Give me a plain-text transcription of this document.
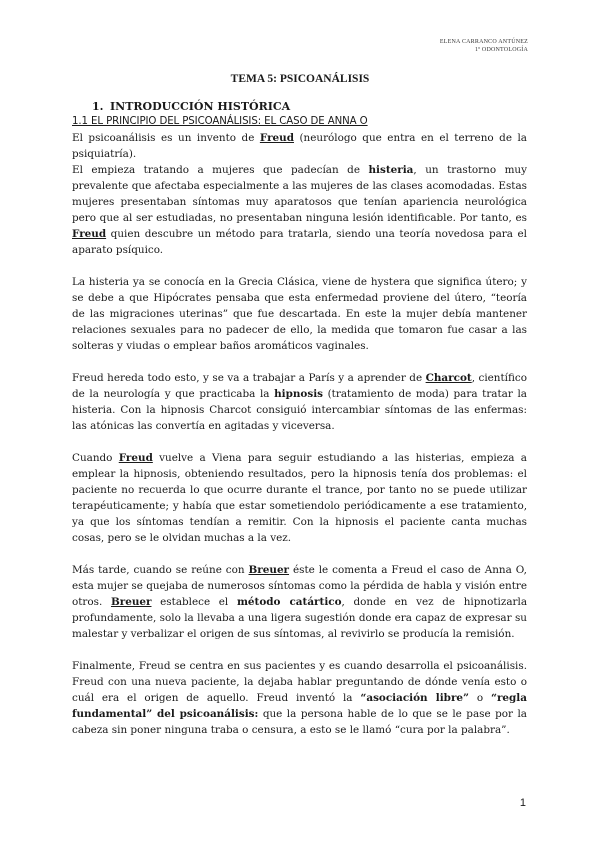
ELENA CARRANCO ANTÚNEZ
1º ODONTOLOGÍA
TEMA 5: PSICOANÁLISIS
1. INTRODUCCIÓN HISTÓRICA
1.1 EL PRINCIPIO DEL PSICOANÁLISIS: EL CASO DE ANNA O

El psicoanálisis es un invento de Freud (neurólogo que entra en el terreno de la psiquiatría).

El empieza tratando a mujeres que padecían de histeria, un trastorno muy prevalente que afectaba especialmente a las mujeres de las clases acomodadas. Estas mujeres presentaban síntomas muy aparatosos que tenían apariencia neurológica pero que al ser estudiadas, no presentaban ninguna lesión identificable. Por tanto, es Freud quien descubre un método para tratarla, siendo una teoría novedosa para el aparato psíquico.

La histeria ya se conocía en la Grecia Clásica, viene de hystera que significa útero; y se debe a que Hipócrates pensaba que esta enfermedad proviene del útero, “teoría de las migraciones uterinas” que fue descartada. En este la mujer debía mantener relaciones sexuales para no padecer de ello, la medida que tomaron fue casar a las solteras y viudas o emplear baños aromáticos vaginales.

Freud hereda todo esto, y se va a trabajar a París y a aprender de Charcot, científico de la neurología y que practicaba la hipnosis (tratamiento de moda) para tratar la histeria. Con la hipnosis Charcot consiguió intercambiar síntomas de las enfermas: las atónicas las convertía en agitadas y viceversa.

Cuando Freud vuelve a Viena para seguir estudiando a las histerias, empieza a emplear la hipnosis, obteniendo resultados, pero la hipnosis tenía dos problemas: el paciente no recuerda lo que ocurre durante el trance, por tanto no se puede utilizar terapéuticamente; y había que estar sometiendolo periódicamente a ese tratamiento, ya que los síntomas tendían a remitir. Con la hipnosis el paciente canta muchas cosas, pero se le olvidan muchas a la vez.

Más tarde, cuando se reúne con Breuer éste le comenta a Freud el caso de Anna O, esta mujer se quejaba de numerosos síntomas como la pérdida de habla y visión entre otros. Breuer establece el método catártico, donde en vez de hipnotizarla profundamente, solo la llevaba a una ligera sugestión donde era capaz de expresar su malestar y verbalizar el origen de sus síntomas, al revivirlo se producía la remisión.

Finalmente, Freud se centra en sus pacientes y es cuando desarrolla el psicoanálisis. Freud con una nueva paciente, la dejaba hablar preguntando de dónde venía esto o cuál era el origen de aquello. Freud inventó la “asociación libre” o “regla fundamental” del psicoanálisis: que la persona hable de lo que se le pase por la cabeza sin poner ninguna traba o censura, a esto se le llamó “cura por la palabra”.

1
